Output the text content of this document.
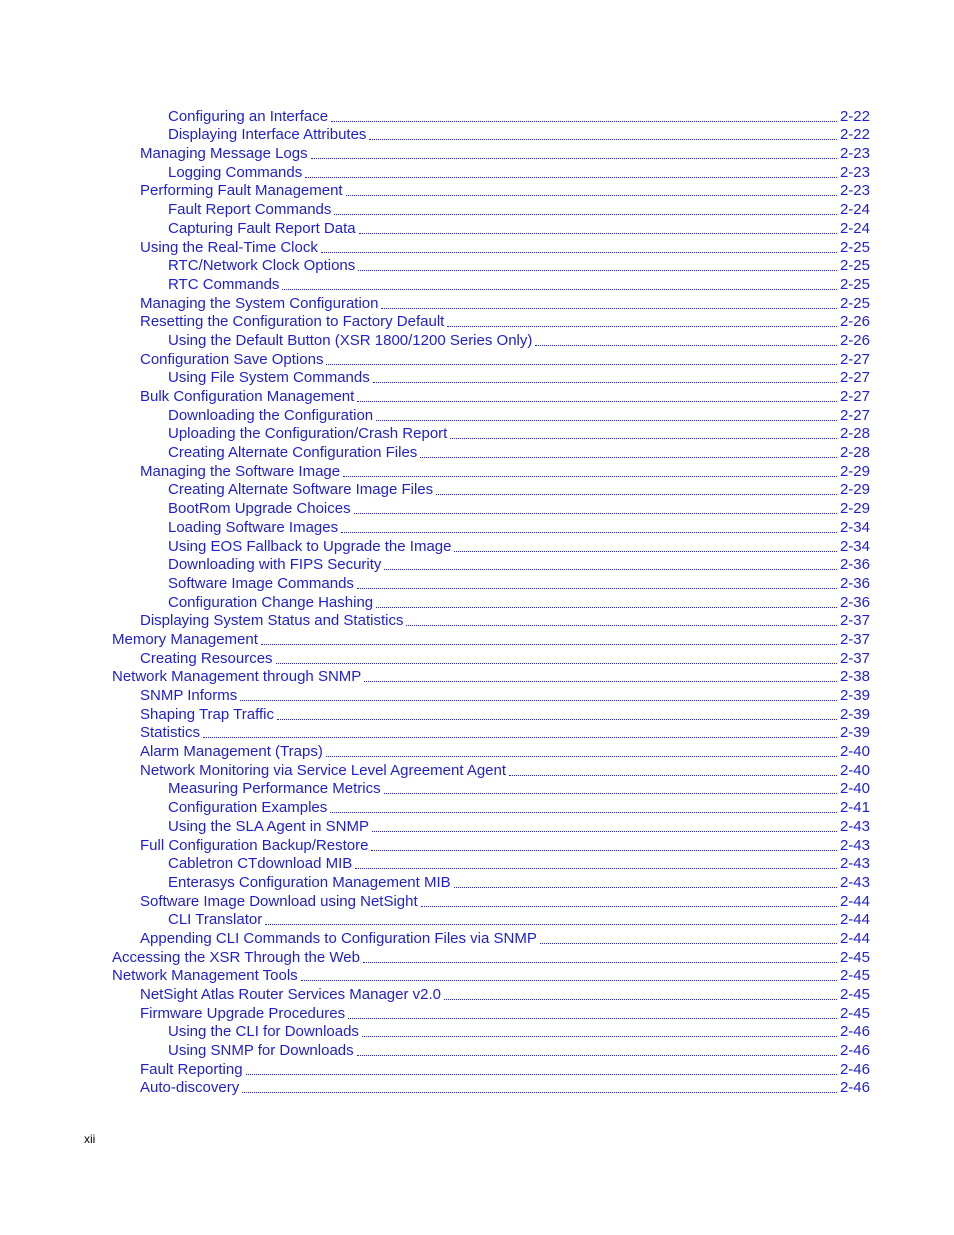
Configuring an Interface	2-22
Displaying Interface Attributes	2-22
Managing Message Logs	2-23
Logging Commands	2-23
Performing Fault Management	2-23
Fault Report Commands	2-24
Capturing Fault Report Data	2-24
Using the Real-Time Clock	2-25
RTC/Network Clock Options	2-25
RTC Commands	2-25
Managing the System Configuration	2-25
Resetting the Configuration to Factory Default	2-26
Using the Default Button (XSR 1800/1200 Series Only)	2-26
Configuration Save Options	2-27
Using File System Commands	2-27
Bulk Configuration Management	2-27
Downloading the Configuration	2-27
Uploading the Configuration/Crash Report	2-28
Creating Alternate Configuration Files	2-28
Managing the Software Image	2-29
Creating Alternate Software Image Files	2-29
BootRom Upgrade Choices	2-29
Loading Software Images	2-34
Using EOS Fallback to Upgrade the Image	2-34
Downloading with FIPS Security	2-36
Software Image Commands	2-36
Configuration Change Hashing	2-36
Displaying System Status and Statistics	2-37
Memory Management	2-37
Creating Resources	2-37
Network Management through SNMP	2-38
SNMP Informs	2-39
Shaping Trap Traffic	2-39
Statistics	2-39
Alarm Management (Traps)	2-40
Network Monitoring via Service Level Agreement Agent	2-40
Measuring Performance Metrics	2-40
Configuration Examples	2-41
Using the SLA Agent in SNMP	2-43
Full Configuration Backup/Restore	2-43
Cabletron CTdownload MIB	2-43
Enterasys Configuration Management MIB	2-43
Software Image Download using NetSight	2-44
CLI Translator	2-44
Appending CLI Commands to Configuration Files via SNMP	2-44
Accessing the XSR Through the Web	2-45
Network Management Tools	2-45
NetSight Atlas Router Services Manager v2.0	2-45
Firmware Upgrade Procedures	2-45
Using the CLI for Downloads	2-46
Using SNMP for Downloads	2-46
Fault Reporting	2-46
Auto-discovery	2-46
xii
